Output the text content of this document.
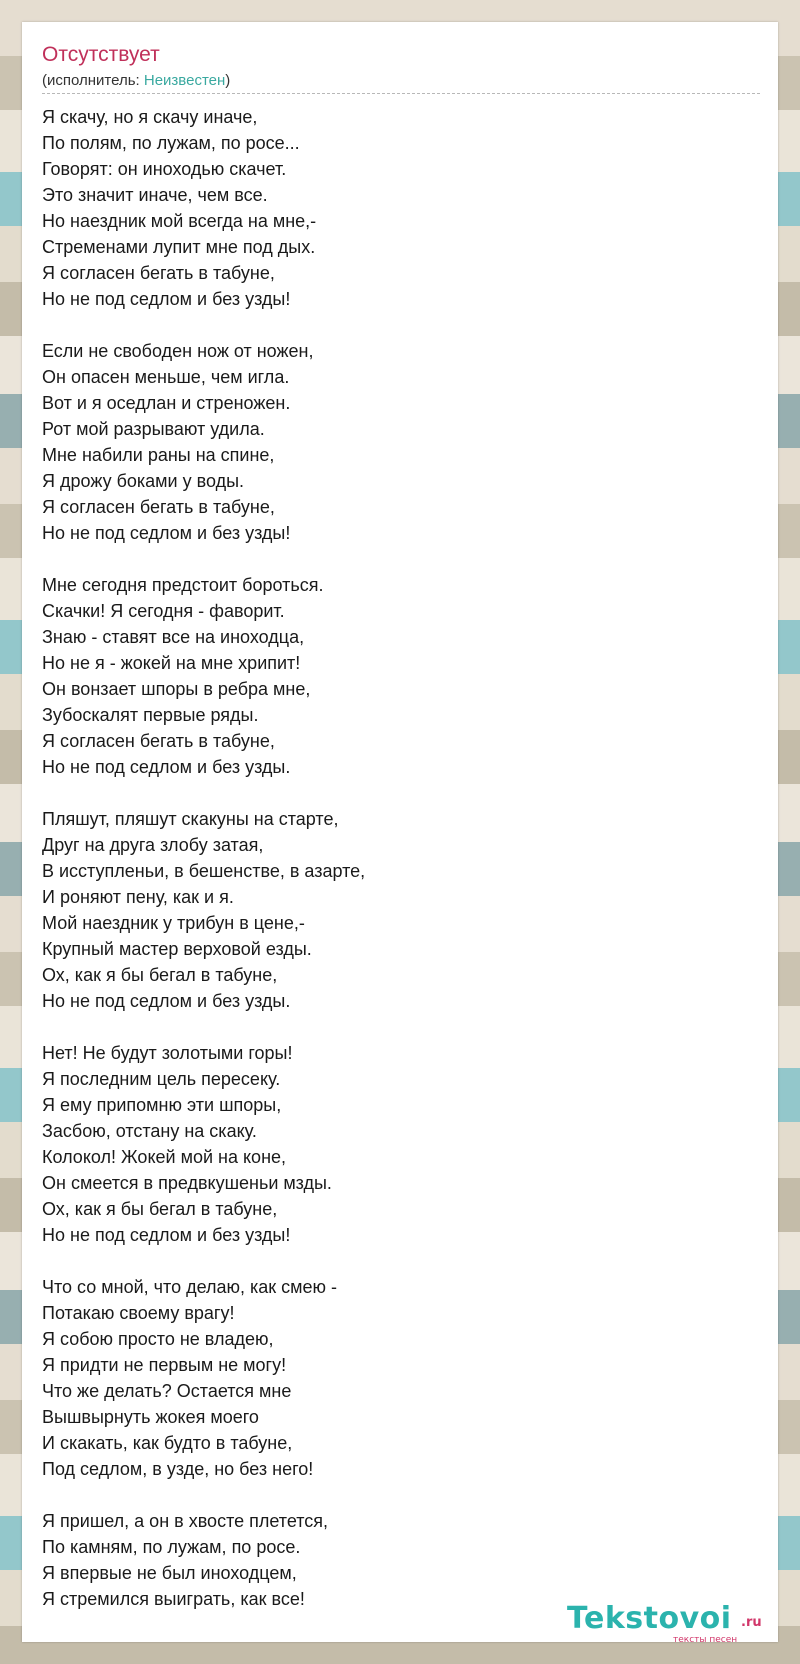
Отсутствует
(исполнитель: Неизвестен)
Я скачу, но я скачу иначе,
По полям, по лужам, по росе...
Говорят: он иноходью скачет.
Это значит иначе, чем все.
Но наездник мой всегда на мне,-
Стременами лупит мне под дых.
Я согласен бегать в табуне,
Но не под седлом и без узды!
Если не свободен нож от ножен,
Он опасен меньше, чем игла.
Вот и я оседлан и стреножен.
Рот мой разрывают удила.
Мне набили раны на спине,
Я дрожу боками у воды.
Я согласен бегать в табуне,
Но не под седлом и без узды!
Мне сегодня предстоит бороться.
Скачки! Я сегодня - фаворит.
Знаю - ставят все на иноходца,
Но не я - жокей на мне хрипит!
Он вонзает шпоры в ребра мне,
Зубоскалят первые ряды.
Я согласен бегать в табуне,
Но не под седлом и без узды.
Пляшут, пляшут скакуны на старте,
Друг на друга злобу затая,
В исступленьи, в бешенстве, в азарте,
И роняют пену, как и я.
Мой наездник у трибун в цене,-
Крупный мастер верховой езды.
Ох, как я бы бегал в табуне,
Но не под седлом и без узды.
Нет! Не будут золотыми горы!
Я последним цель пересеку.
Я ему припомню эти шпоры,
Засбою, отстану на скаку.
Колокол! Жокей мой на коне,
Он смеется в предвкушеньи мзды.
Ох, как я бы бегал в табуне,
Но не под седлом и без узды!
Что со мной, что делаю, как смею -
Потакаю своему врагу!
Я собою просто не владею,
Я придти не первым не могу!
Что же делать? Остается мне
Вышвырнуть жокея моего
И скакать, как будто в табуне,
Под седлом, в узде, но без него!
Я пришел, а он в хвосте плетется,
По камням, по лужам, по росе.
Я впервые не был иноходцем,
Я стремился выиграть, как все!
Tekstovoi .ru
тексты песен
